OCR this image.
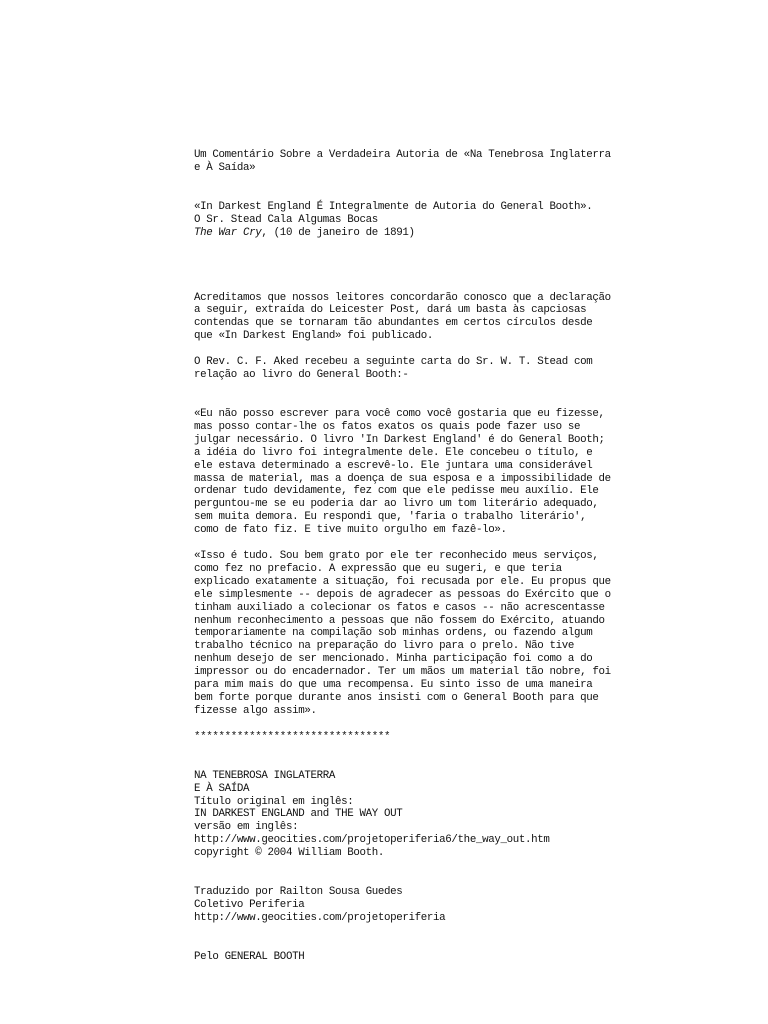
Um Comentário Sobre a Verdadeira Autoria de «Na Tenebrosa Inglaterra
e À Saída»
«In Darkest England É Integralmente de Autoria do General Booth».
O Sr. Stead Cala Algumas Bocas
The War Cry, (10 de janeiro de 1891)
Acreditamos que nossos leitores concordarão conosco que a declaração
a seguir, extraída do Leicester Post, dará um basta às capciosas
contendas que se tornaram tão abundantes em certos círculos desde
que «In Darkest England» foi publicado.
O Rev. C. F. Aked recebeu a seguinte carta do Sr. W. T. Stead com
relação ao livro do General Booth:-
«Eu não posso escrever para você como você gostaria que eu fizesse,
mas posso contar-lhe os fatos exatos os quais pode fazer uso se
julgar necessário. O livro 'In Darkest England' é do General Booth;
a idéia do livro foi integralmente dele. Ele concebeu o título, e
ele estava determinado a escrevê-lo. Ele juntara uma considerável
massa de material, mas a doença de sua esposa e a impossibilidade de
ordenar tudo devidamente, fez com que ele pedisse meu auxílio. Ele
perguntou-me se eu poderia dar ao livro um tom literário adequado,
sem muita demora. Eu respondi que, 'faria o trabalho literário',
como de fato fiz. E tive muito orgulho em fazê-lo».
«Isso é tudo. Sou bem grato por ele ter reconhecido meus serviços,
como fez no prefacio. A expressão que eu sugeri, e que teria
explicado exatamente a situação, foi recusada por ele. Eu propus que
ele simplesmente -- depois de agradecer as pessoas do Exército que o
tinham auxiliado a colecionar os fatos e casos -- não acrescentasse
nenhum reconhecimento a pessoas que não fossem do Exército, atuando
temporariamente na compilação sob minhas ordens, ou fazendo algum
trabalho técnico na preparação do livro para o prelo. Não tive
nenhum desejo de ser mencionado. Minha participação foi como a do
impressor ou do encadernador. Ter um mãos um material tão nobre, foi
para mim mais do que uma recompensa. Eu sinto isso de uma maneira
bem forte porque durante anos insisti com o General Booth para que
fizesse algo assim».
********************************
NA TENEBROSA INGLATERRA
E À SAÍDA
Título original em inglês:
IN DARKEST ENGLAND and THE WAY OUT
versão em inglês:
http://www.geocities.com/projetoperiferia6/the_way_out.htm
copyright © 2004 William Booth.
Traduzido por Railton Sousa Guedes
Coletivo Periferia
http://www.geocities.com/projetoperiferia
Pelo GENERAL BOOTH
